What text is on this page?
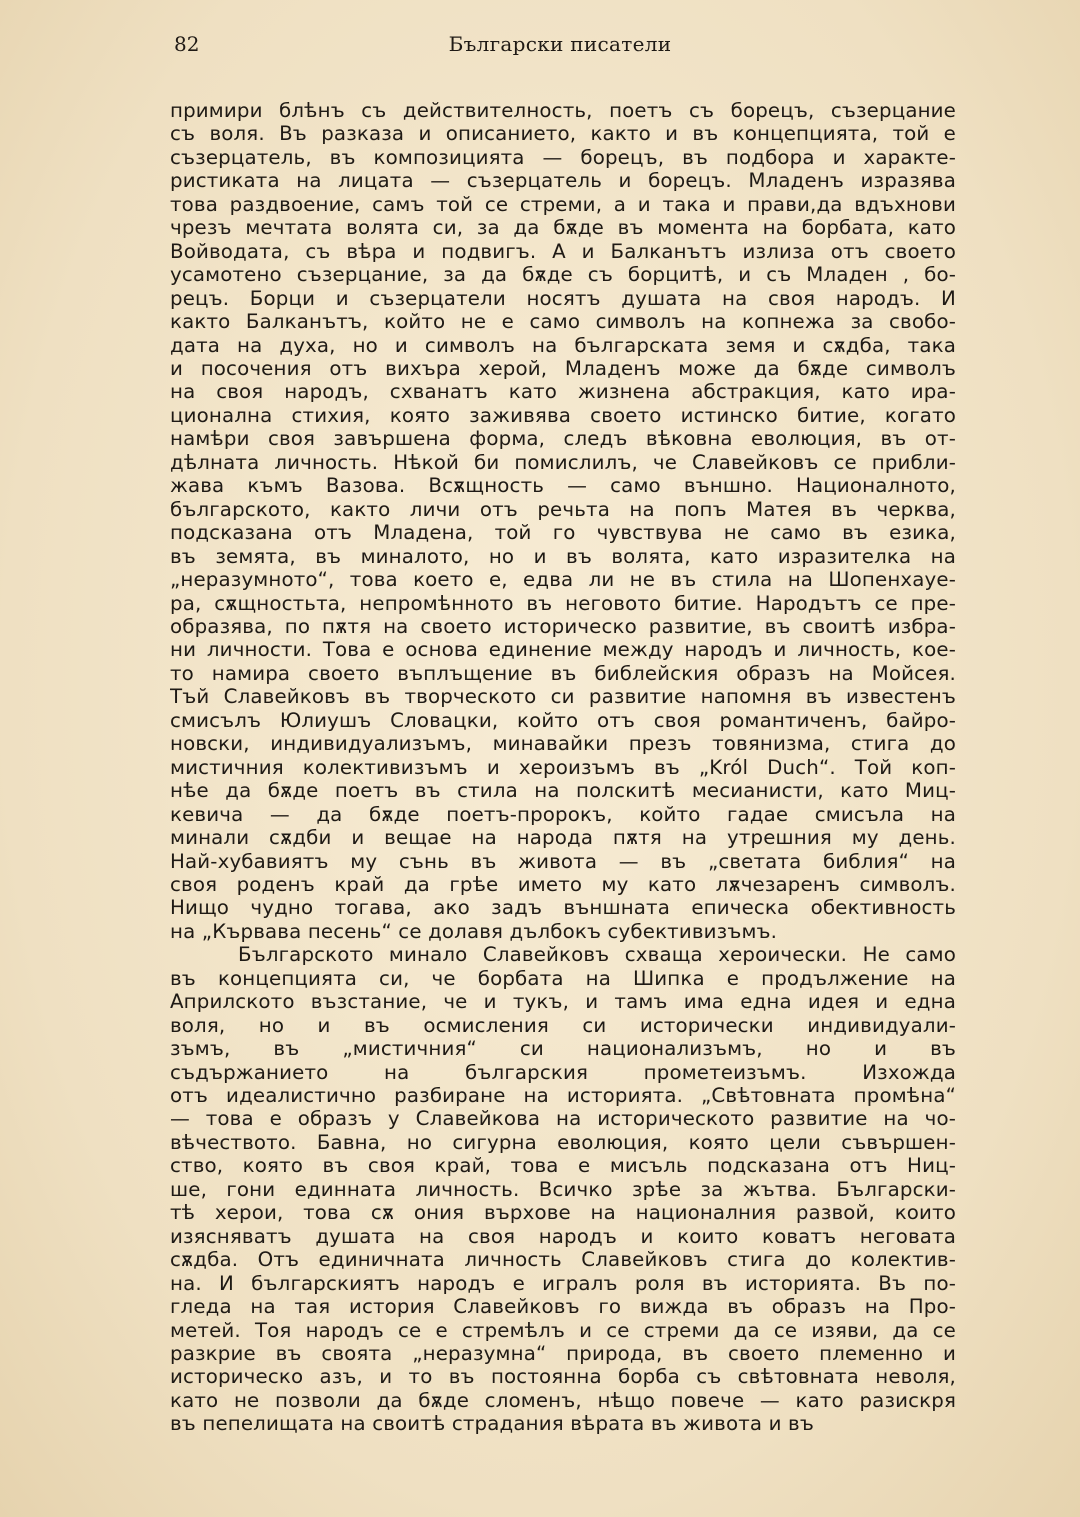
82	Български писатели
примири блѣнъ съ действителность, поетъ съ борецъ, съзерцание
съ воля. Въ разказа и описанието, както и въ концепцията, той е
съзерцатель, въ композицията — борецъ, въ подбора и характе-
ристиката на лицата — съзерцатель и борецъ. Младенъ изразява
това раздвоение, самъ той се стреми, а и така и прави,да вдъхнови
чрезъ мечтата волята си, за да бѫде въ момента на борбата, като
Войводата, съ вѣра и подвигъ. А и Балканътъ излиза отъ своето
усамотено съзерцание, за да бѫде съ борцитѣ, и съ Младен , бо-
рецъ. Борци и съзерцатели носятъ душата на своя народъ. И
както Балканътъ, който не е само символъ на копнежа за свобо-
дата на духа, но и символъ на българската земя и сѫдба, така
и посочения отъ вихъра херой, Младенъ може да бѫде символъ
на своя народъ, схванатъ като жизнена абстракция, като ира-
ционална стихия, която заживява своето истинско битие, когато
намѣри своя завършена форма, следъ вѣковна еволюция, въ от-
дѣлната личность. Нѣкой би помислилъ, че Славейковъ се прибли-
жава къмъ Вазова. Всѫщность — само външно. Националното,
българското, както личи отъ речьта на попъ Матея въ черква,
подсказана отъ Младена, той го чувствува не само въ езика,
въ земята, въ миналото, но и въ волята, като изразителка на
„неразумното“, това което е, едва ли не въ стила на Шопенхауе-
ра, сѫщностьта, непромѣнното въ неговото битие. Народътъ се пре-
образява, по пѫтя на своето историческо развитие, въ своитѣ избра-
ни личности. Това е основа единение между народъ и личность, кое-
то намира своето въплъщение въ библейския образъ на Мойсея.
Тъй Славейковъ въ творческото си развитие напомня въ известенъ
смисълъ Юлиушъ Словацки, който отъ своя романтиченъ, байро-
новски, индивидуализъмъ, минавайки презъ товянизма, стига до
мистичния колективизъмъ и хероизъмъ въ „Król Duch“. Той коп-
нѣе да бѫде поетъ въ стила на полскитѣ месианисти, като Миц-
кевича — да бѫде поетъ-пророкъ, който гадае смисъла на
минали сѫдби и вещае на народа пѫтя на утрешния му день.
Най-хубавиятъ му сънь въ живота — въ „светата библия“ на
своя роденъ край да грѣе името му като лѫчезаренъ символъ.
Нищо чудно тогава, ако задъ външната епическа обективность
на „Кървава песень“ се долавя дълбокъ субективизъмъ.
Българското минало Славейковъ схваща хероически. Не само
въ концепцията си, че борбата на Шипка е продължение на
Априлското възстание, че и тукъ, и тамъ има една идея и една
воля, но и въ осмисления си исторически индивидуали-
зъмъ, въ „мистичния“ си национализъмъ, но и въ
съдържанието на българския прометеизъмъ. Изхожда
отъ идеалистично разбиране на историята. „Свѣтовната промѣна“
— това е образъ у Славейкова на историческото развитие на чо-
вѣчеството. Бавна, но сигурна еволюция, която цели съвършен-
ство, която въ своя край, това е мисъль подсказана отъ Ниц-
ше, гони единната личность. Всичко зрѣе за жътва. Български-
тѣ херои, това сѫ ония върхове на националния развой, които
изясняватъ душата на своя народъ и които коватъ неговата
сѫдба. Отъ единичната личность Славейковъ стига до колектив-
на. И българскиятъ народъ е игралъ роля въ историята. Въ по-
гледа на тая история Славейковъ го вижда въ образъ на Про-
метей. Тоя народъ се е стремѣлъ и се стреми да се изяви, да се
разкрие въ своята „неразумна“ природа, въ своето племенно и
историческо азъ, и то въ постоянна борба съ свѣтовната неволя,
като не позволи да бѫде сломенъ, нѣщо повече — като разискря
въ пепелищата на своитѣ страдания вѣрата въ живота и въ
